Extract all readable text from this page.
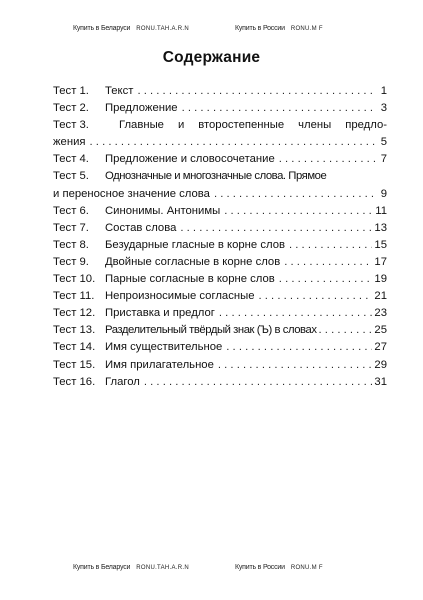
Купить в Беларуси RONU.TAH.A.R.N	Купить в России RONU.M F
Содержание
Тест 1. Текст . . .	1
Тест 2. Предложение . . .	3
Тест 3.	Главные и второстепенные члены предло-
жения . . .	5
Тест 4. Предложение и словосочетание . . .	7
Тест 5.	Однозначные и многозначные слова. Прямое
и переносное значение слова . . .	9
Тест 6. Синонимы. Антонимы . . .	11
Тест 7. Состав слова . . .	13
Тест 8. Безударные гласные в корне слов . . .	15
Тест 9. Двойные согласные в корне слов . . .	17
Тест 10. Парные согласные в корне слов . . .	19
Тест 11. Непроизносимые согласные . . .	21
Тест 12. Приставка и предлог . . .	23
Тест 13. Разделительный твёрдый знак (Ъ) в словах . . .	25
Тест 14. Имя существительное . . .	27
Тест 15. Имя прилагательное . . .	29
Тест 16. Глагол . . .	31
Купить в Беларуси RONU.TAH.A.R.N	Купить в России RONU.M F
